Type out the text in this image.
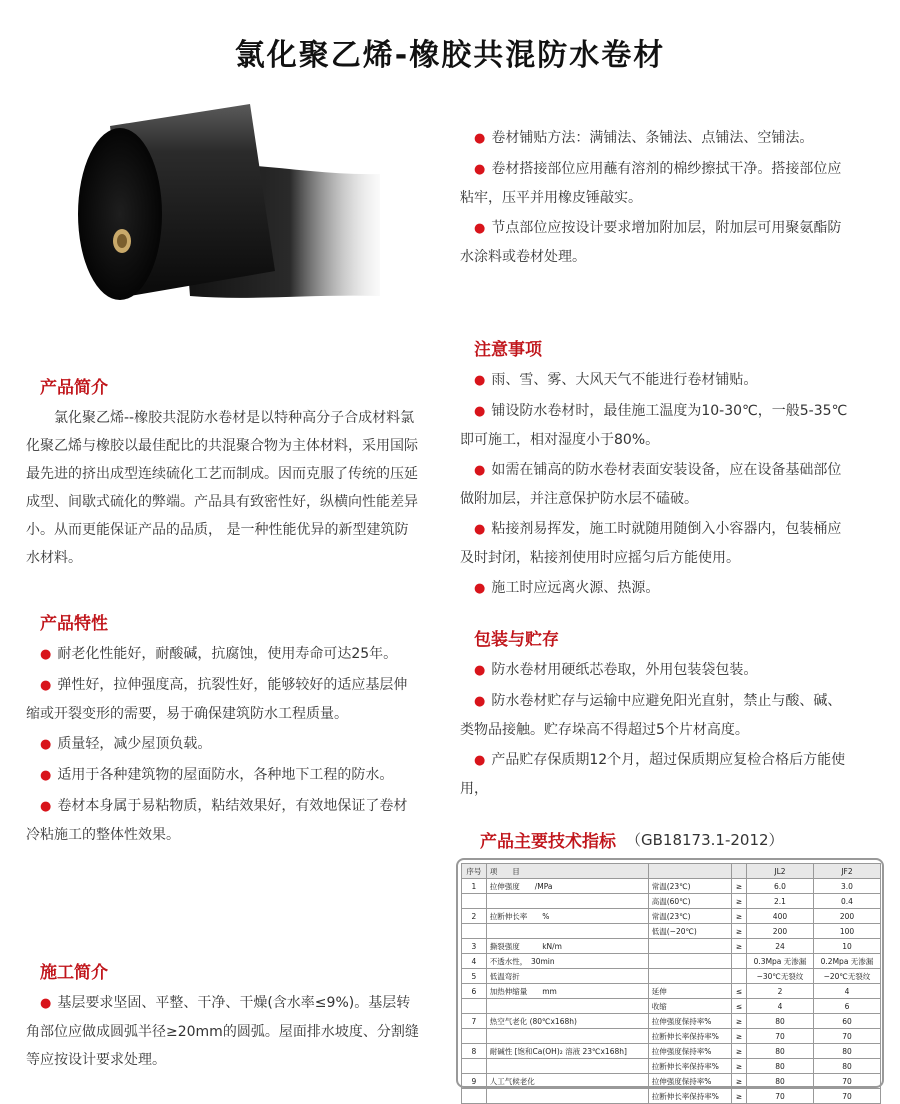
氯化聚乙烯-橡胶共混防水卷材
产品简介

氯化聚乙烯--橡胶共混防水卷材是以特种高分子合成材料氯化聚乙烯与橡胶以最佳配比的共混聚合物为主体材料，采用国际最先进的挤出成型连续硫化工艺而制成。因而克服了传统的压延成型、间歇式硫化的弊端。产品具有致密性好，纵横向性能差异小。从而更能保证产品的品质， 是一种性能优异的新型建筑防水材料。

产品特性

● 耐老化性能好，耐酸碱，抗腐蚀，使用寿命可达25年。

● 弹性好，拉伸强度高，抗裂性好，能够较好的适应基层伸缩或开裂变形的需要，易于确保建筑防水工程质量。

● 质量轻，减少屋顶负载。

● 适用于各种建筑物的屋面防水，各种地下工程的防水。

● 卷材本身属于易粘物质，粘结效果好，有效地保证了卷材冷粘施工的整体性效果。

施工简介

● 基层要求坚固、平整、干净、干燥(含水率≤9%)。基层转角部位应做成圆弧半径≥20mm的圆弧。屋面排水坡度、分割缝等应按设计要求处理。

● 卷材铺贴方法：满铺法、条铺法、点铺法、空铺法。

● 卷材搭接部位应用蘸有溶剂的棉纱擦拭干净。搭接部位应粘牢，压平并用橡皮锤敲实。

● 节点部位应按设计要求增加附加层，附加层可用聚氨酯防水涂料或卷材处理。

注意事项

● 雨、雪、雾、大风天气不能进行卷材铺贴。

● 铺设防水卷材时，最佳施工温度为10-30℃，一般5-35℃即可施工，相对湿度小于80%。

● 如需在铺高的防水卷材表面安装设备，应在设备基础部位做附加层，并注意保护防水层不磕破。

● 粘接剂易挥发，施工时就随用随倒入小容器内，包装桶应及时封闭，粘接剂使用时应摇匀后方能使用。

● 施工时应远离火源、热源。

包装与贮存

● 防水卷材用硬纸芯卷取，外用包装袋包装。

● 防水卷材贮存与运输中应避免阳光直射，禁止与酸、碱、类物品接触。贮存垛高不得超过5个片材高度。

● 产品贮存保质期12个月，超过保质期应复检合格后方能使用，

产品主要技术指标 （GB18173.1-2012）
序号	项　　目			JL2	JF2
1	拉伸强度　　/MPa	常温(23℃)	≥	6.0	3.0
		高温(60℃)	≥	2.1	0.4
2	拉断伸长率　　%	常温(23℃)	≥	400	200
		低温(−20℃)	≥	200	100
3	撕裂强度　　　kN/m		≥	24	10
4	不透水性，　30min			0.3Mpa 无渗漏	0.2Mpa 无渗漏
5	低温弯折			−30℃无裂纹	−20℃无裂纹
6	加热伸缩量　　mm	延伸	≤	2	4
		收缩	≤	4	6
7	热空气老化 (80℃x168h)	拉伸强度保持率%	≥	80	60
		拉断伸长率保持率%	≥	70	70
8	耐碱性 [饱和Ca(OH)₂ 溶液 23℃x168h]	拉伸强度保持率%	≥	80	80
		拉断伸长率保持率%	≥	80	80
9	人工气候老化	拉伸强度保持率%	≥	80	70
		拉断伸长率保持率%	≥	70	70
